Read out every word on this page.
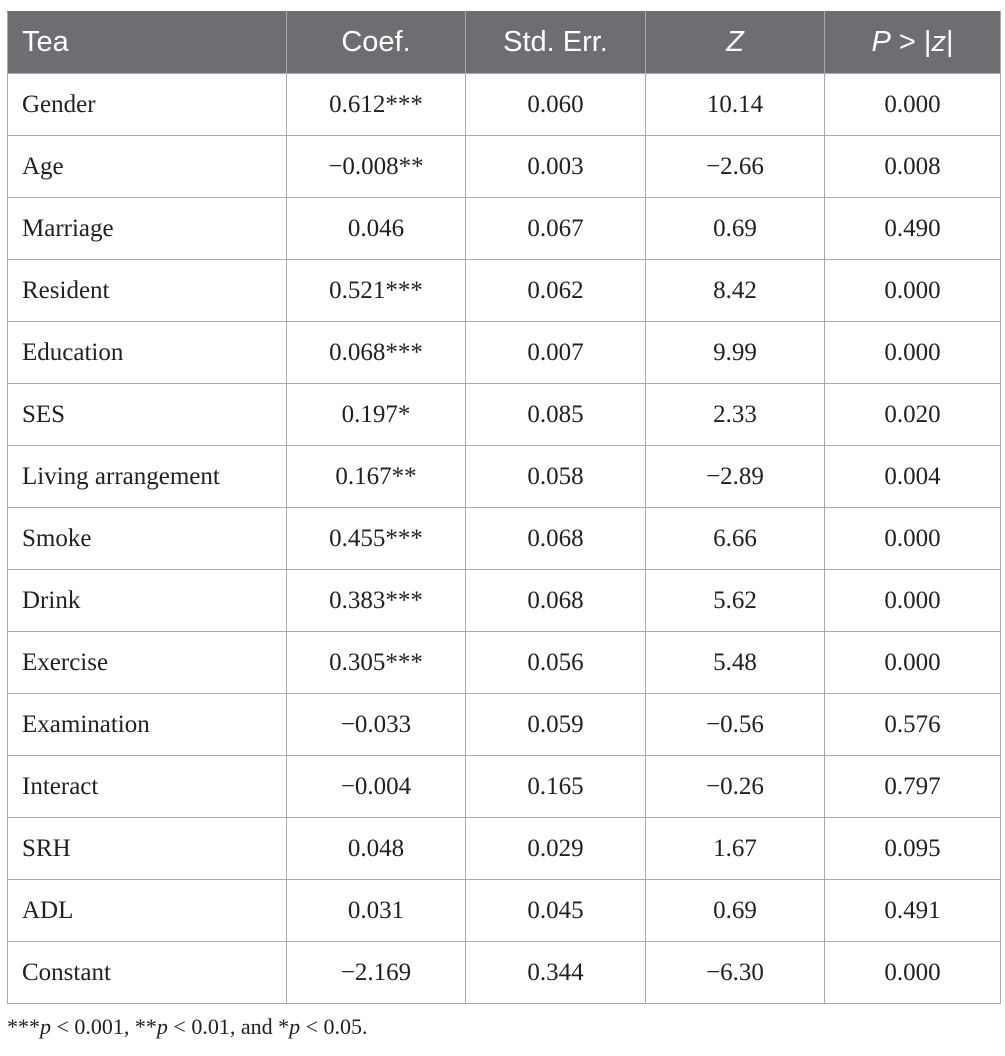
Tea	Coef.	Std. Err.	Z	P > |z|
Gender	0.612***	0.060	10.14	0.000
Age	−0.008**	0.003	−2.66	0.008
Marriage	0.046	0.067	0.69	0.490
Resident	0.521***	0.062	8.42	0.000
Education	0.068***	0.007	9.99	0.000
SES	0.197*	0.085	2.33	0.020
Living arrangement	0.167**	0.058	−2.89	0.004
Smoke	0.455***	0.068	6.66	0.000
Drink	0.383***	0.068	5.62	0.000
Exercise	0.305***	0.056	5.48	0.000
Examination	−0.033	0.059	−0.56	0.576
Interact	−0.004	0.165	−0.26	0.797
SRH	0.048	0.029	1.67	0.095
ADL	0.031	0.045	0.69	0.491
Constant	−2.169	0.344	−6.30	0.000
***p < 0.001, **p < 0.01, and *p < 0.05.
